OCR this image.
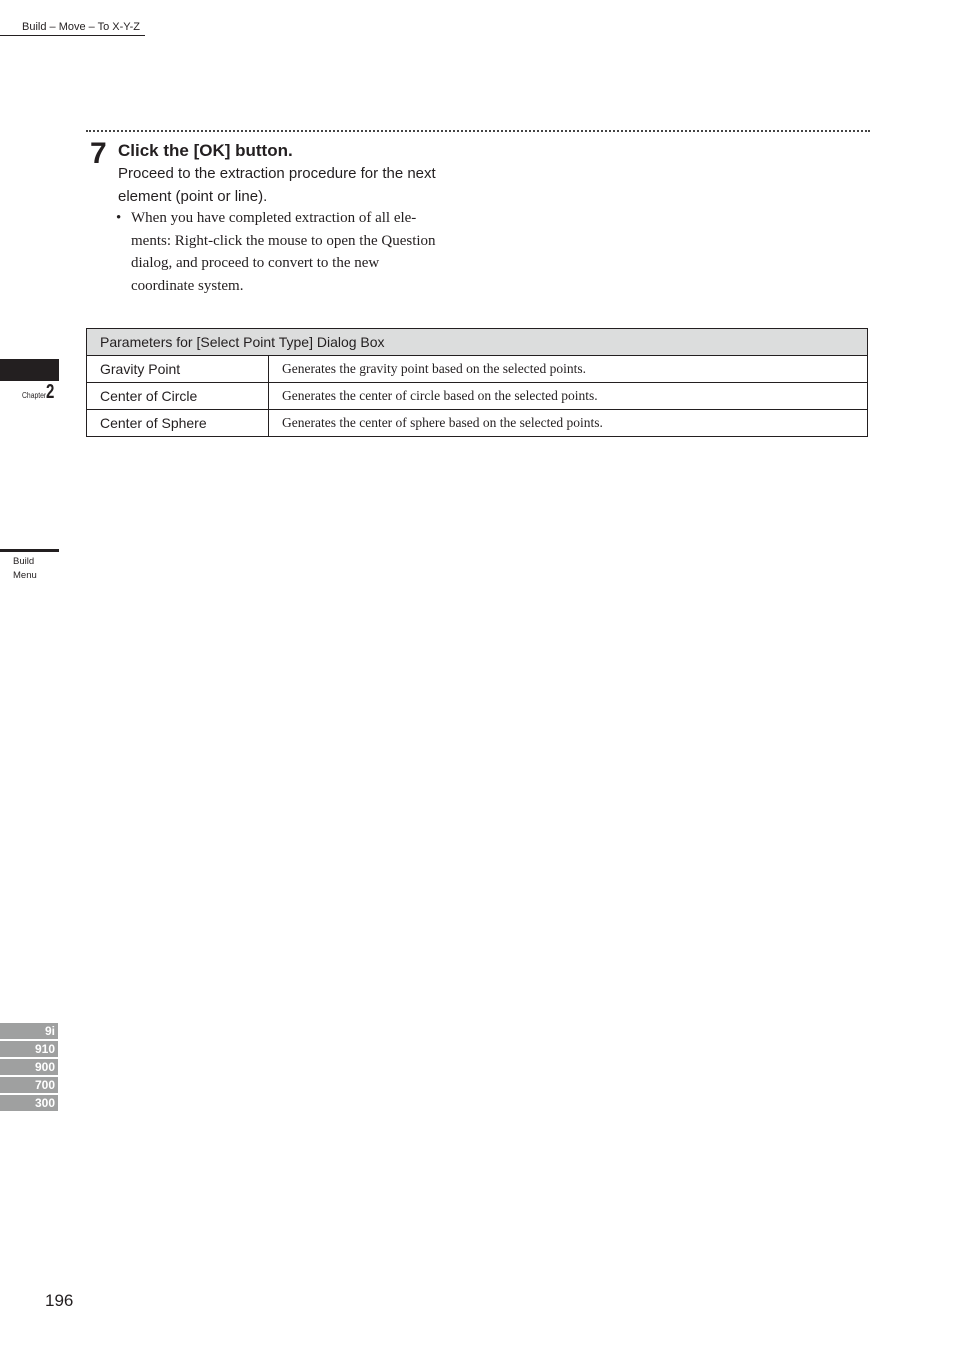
Build – Move – To X-Y-Z
7 Click the [OK] button.
Proceed to the extraction procedure for the next element (point or line).
• When you have completed extraction of all ele-ments: Right-click the mouse to open the Question dialog, and proceed to convert to the new coordinate system.
Parameters for [Select Point Type] Dialog Box	
Gravity Point	Generates the gravity point based on the selected points.
Center of Circle	Generates the center of circle based on the selected points.
Center of Sphere	Generates the center of sphere based on the selected points.
Chapter 2
Build
Menu
9i
910
900
700
300
196
